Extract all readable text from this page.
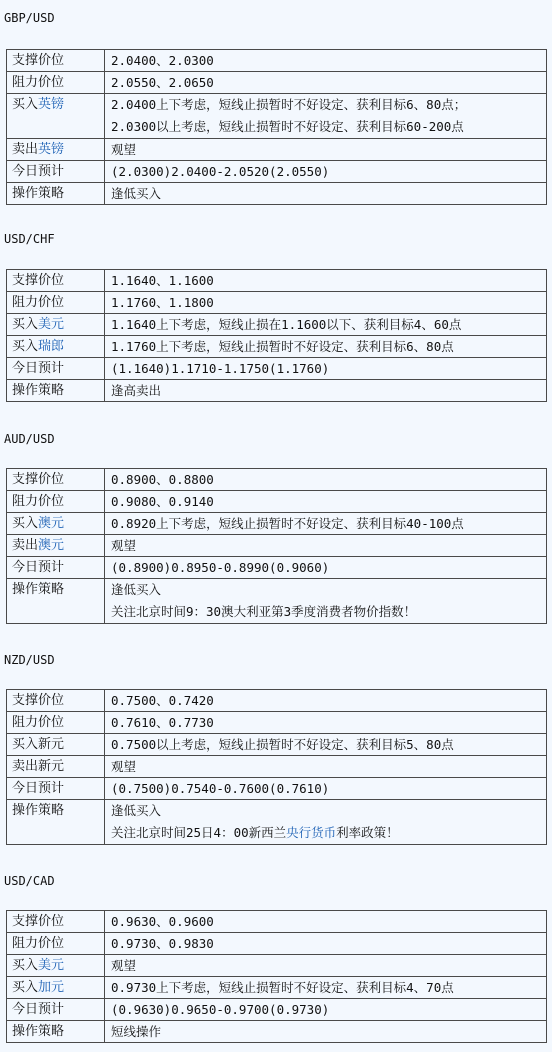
GBP/USD
支撑价位	2.0400、2.0300
阻力价位	2.0550、2.0650
买入英镑	2.0400上下考虑，短线止损暂时不好设定、获利目标6、80点；
2.0300以上考虑，短线止损暂时不好设定、获利目标60-200点

卖出英镑	观望
今日预计	(2.0300)2.0400-2.0520(2.0550)
操作策略	逢低买入
USD/CHF
支撑价位	1.1640、1.1600
阻力价位	1.1760、1.1800
买入美元	1.1640上下考虑，短线止损在1.1600以下、获利目标4、60点
买入瑞郎	1.1760上下考虑，短线止损暂时不好设定、获利目标6、80点
今日预计	(1.1640)1.1710-1.1750(1.1760)
操作策略	逢高卖出
AUD/USD
支撑价位	0.8900、0.8800
阻力价位	0.9080、0.9140
买入澳元	0.8920上下考虑，短线止损暂时不好设定、获利目标40-100点
卖出澳元	观望
今日预计	(0.8900)0.8950-0.8990(0.9060)
操作策略	逢低买入
关注北京时间9：30澳大利亚第3季度消费者物价指数！
NZD/USD
支撑价位	0.7500、0.7420
阻力价位	0.7610、0.7730
买入新元	0.7500以上考虑，短线止损暂时不好设定、获利目标5、80点
卖出新元	观望
今日预计	(0.7500)0.7540-0.7600(0.7610)
操作策略	逢低买入
关注北京时间25日4：00新西兰央行货币利率政策！
USD/CAD
支撑价位	0.9630、0.9600
阻力价位	0.9730、0.9830
买入美元	观望
买入加元	0.9730上下考虑，短线止损暂时不好设定、获利目标4、70点
今日预计	(0.9630)0.9650-0.9700(0.9730)
操作策略	短线操作
